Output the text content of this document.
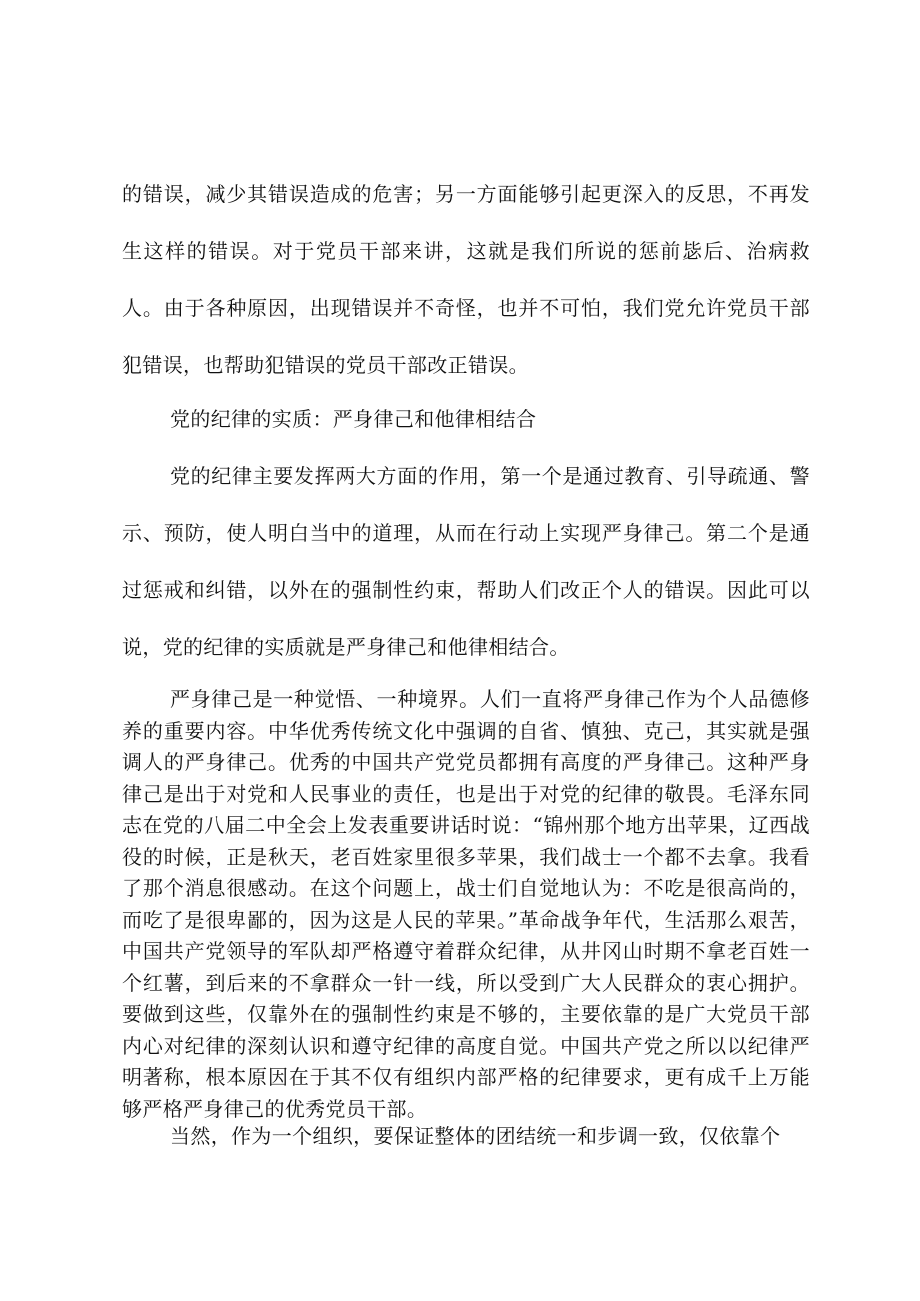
的错误，减少其错误造成的危害；另一方面能够引起更深入的反思，不再发生这样的错误。对于党员干部来讲，这就是我们所说的惩前毖后、治病救人。由于各种原因，出现错误并不奇怪，也并不可怕，我们党允许党员干部犯错误，也帮助犯错误的党员干部改正错误。

党的纪律的实质：严身律己和他律相结合

党的纪律主要发挥两大方面的作用，第一个是通过教育、引导疏通、警示、预防，使人明白当中的道理，从而在行动上实现严身律己。第二个是通过惩戒和纠错，以外在的强制性约束，帮助人们改正个人的错误。因此可以说，党的纪律的实质就是严身律己和他律相结合。

严身律己是一种觉悟、一种境界。人们一直将严身律己作为个人品德修养的重要内容。中华优秀传统文化中强调的自省、慎独、克己，其实就是强调人的严身律己。优秀的中国共产党党员都拥有高度的严身律己。这种严身律己是出于对党和人民事业的责任，也是出于对党的纪律的敬畏。毛泽东同志在党的八届二中全会上发表重要讲话时说：“锦州那个地方出苹果，辽西战役的时候，正是秋天，老百姓家里很多苹果，我们战士一个都不去拿。我看了那个消息很感动。在这个问题上，战士们自觉地认为：不吃是很高尚的，而吃了是很卑鄙的，因为这是人民的苹果。”革命战争年代，生活那么艰苦，中国共产党领导的军队却严格遵守着群众纪律，从井冈山时期不拿老百姓一个红薯，到后来的不拿群众一针一线，所以受到广大人民群众的衷心拥护。要做到这些，仅靠外在的强制性约束是不够的，主要依靠的是广大党员干部内心对纪律的深刻认识和遵守纪律的高度自觉。中国共产党之所以以纪律严明著称，根本原因在于其不仅有组织内部严格的纪律要求，更有成千上万能够严格严身律己的优秀党员干部。

当然，作为一个组织，要保证整体的团结统一和步调一致，仅依靠个
